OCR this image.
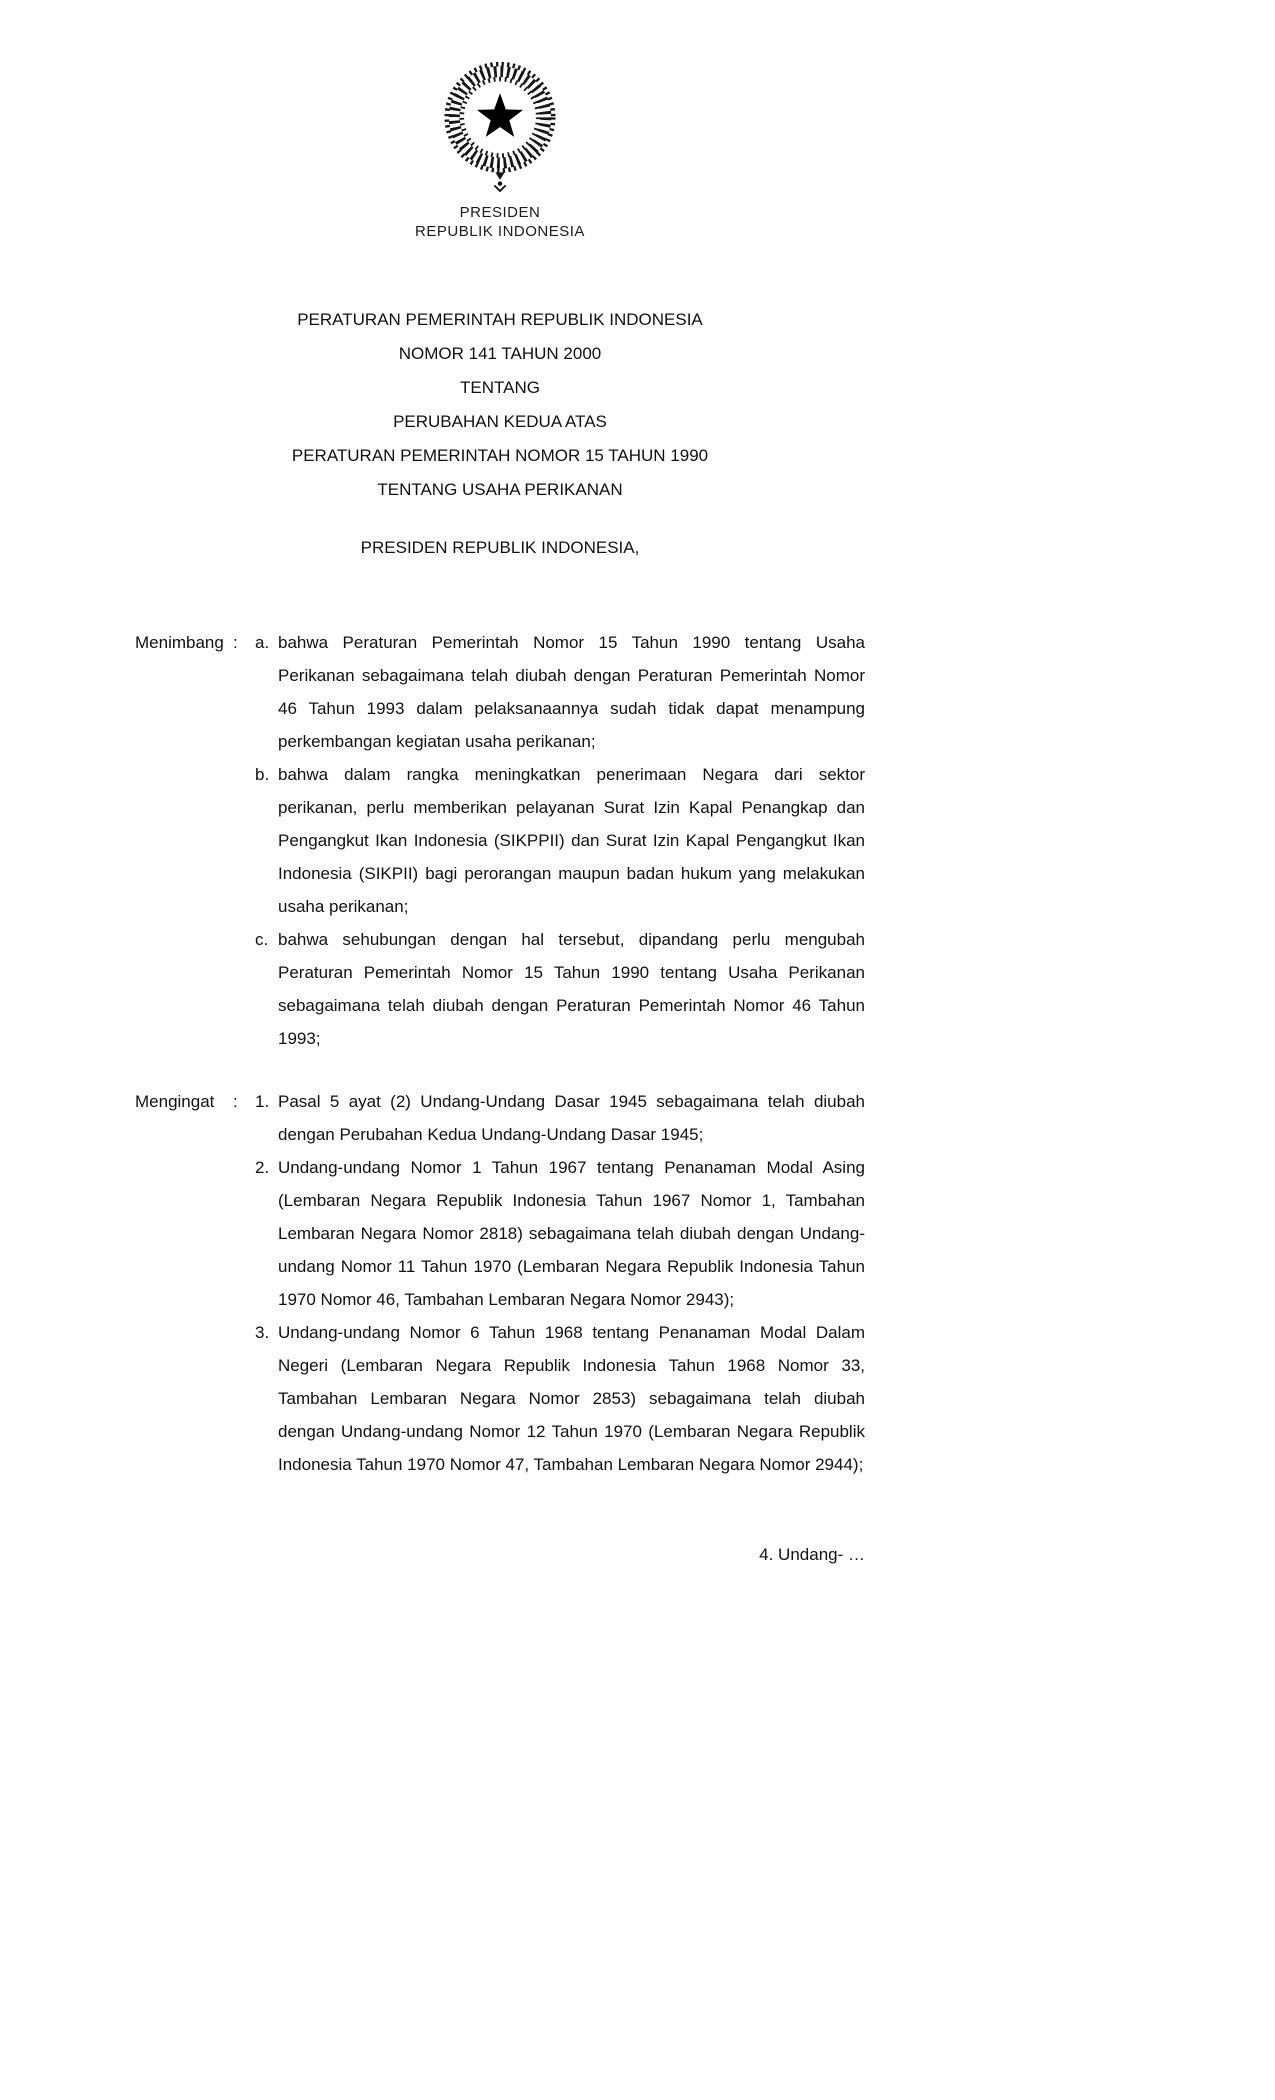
PRESIDEN
REPUBLIK INDONESIA
PERATURAN PEMERINTAH REPUBLIK INDONESIA
NOMOR 141 TAHUN 2000
TENTANG
PERUBAHAN KEDUA ATAS
PERATURAN PEMERINTAH NOMOR 15 TAHUN 1990
TENTANG USAHA PERIKANAN
PRESIDEN REPUBLIK INDONESIA,
Menimbang :	a. bahwa Peraturan Pemerintah Nomor 15 Tahun 1990 tentang Usaha Perikanan sebagaimana telah diubah dengan Peraturan Pemerintah Nomor 46 Tahun 1993 dalam pelaksanaannya sudah tidak dapat menampung perkembangan kegiatan usaha perikanan;
b. bahwa dalam rangka meningkatkan penerimaan Negara dari sektor perikanan, perlu memberikan pelayanan Surat Izin Kapal Penangkap dan Pengangkut Ikan Indonesia (SIKPPII) dan Surat Izin Kapal Pengangkut Ikan Indonesia (SIKPII) bagi perorangan maupun badan hukum yang melakukan usaha perikanan;
c. bahwa sehubungan dengan hal tersebut, dipandang perlu mengubah Peraturan Pemerintah Nomor 15 Tahun 1990 tentang Usaha Perikanan sebagaimana telah diubah dengan Peraturan Pemerintah Nomor 46 Tahun 1993;
Mengingat	:	1. Pasal 5 ayat (2) Undang-Undang Dasar 1945 sebagaimana telah diubah dengan Perubahan Kedua Undang-Undang Dasar 1945;
2. Undang-undang Nomor 1 Tahun 1967 tentang Penanaman Modal Asing (Lembaran Negara Republik Indonesia Tahun 1967 Nomor 1, Tambahan Lembaran Negara Nomor 2818) sebagaimana telah diubah dengan Undang-undang Nomor 11 Tahun 1970 (Lembaran Negara Republik Indonesia Tahun 1970 Nomor 46, Tambahan Lembaran Negara Nomor 2943);
3. Undang-undang Nomor 6 Tahun 1968 tentang Penanaman Modal Dalam Negeri (Lembaran Negara Republik Indonesia Tahun 1968 Nomor 33, Tambahan Lembaran Negara Nomor 2853) sebagaimana telah diubah dengan Undang-undang Nomor 12 Tahun 1970 (Lembaran Negara Republik Indonesia Tahun 1970 Nomor 47, Tambahan Lembaran Negara Nomor 2944);
4. Undang- …
